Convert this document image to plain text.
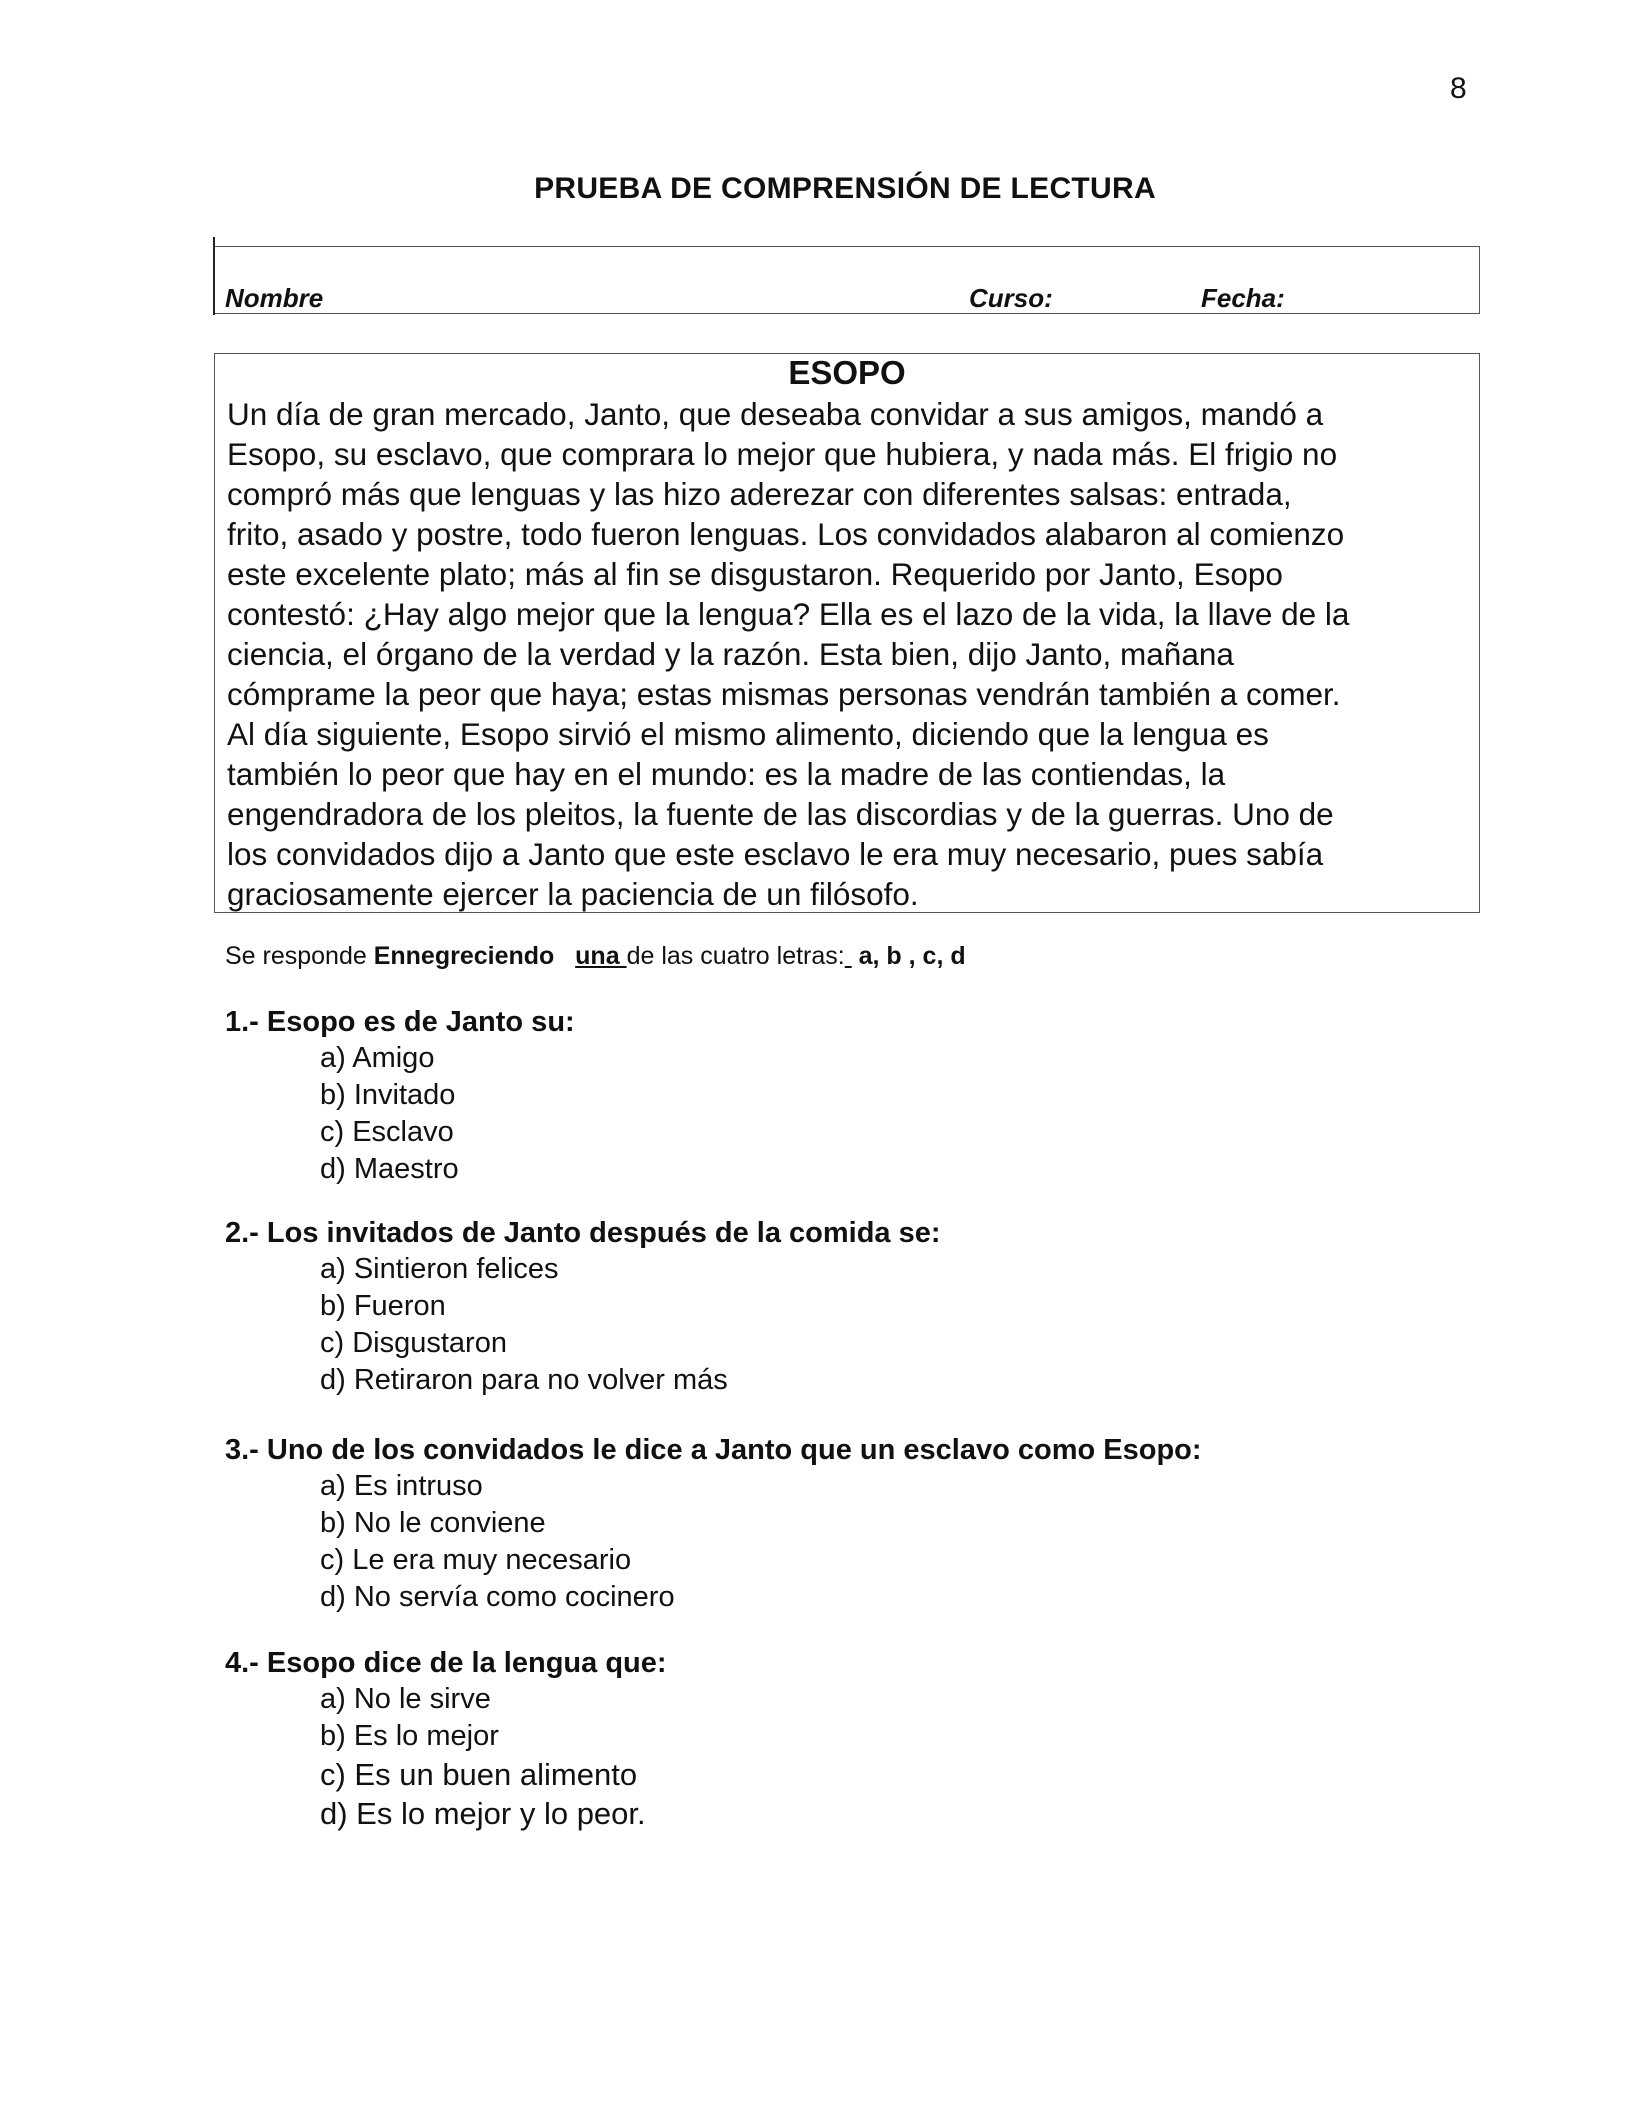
8
PRUEBA DE COMPRENSIÓN DE LECTURA
Nombre	Curso:	Fecha:
ESOPO
Un día de gran mercado, Janto, que deseaba convidar a sus amigos, mandó a
Esopo, su esclavo, que comprara lo mejor que hubiera, y nada más. El frigio no
compró más que lenguas y las hizo aderezar con diferentes salsas: entrada,
frito, asado y postre, todo fueron lenguas. Los convidados alabaron al comienzo
este excelente plato; más al fin se disgustaron. Requerido por Janto, Esopo
contestó: ¿Hay algo mejor que la lengua? Ella es el lazo de la vida, la llave de la
ciencia, el órgano de la verdad y la razón. Esta bien, dijo Janto, mañana
cómprame la peor que haya; estas mismas personas vendrán también a comer.
Al día siguiente, Esopo sirvió el mismo alimento, diciendo que la lengua es
también lo peor que hay en el mundo: es la madre de las contiendas, la
engendradora de los pleitos, la fuente de las discordias y de la guerras. Uno de
los convidados dijo a Janto que este esclavo le era muy necesario, pues sabía
graciosamente ejercer la paciencia de un filósofo.
Se responde Ennegreciendo una de las cuatro letras:  a, b , c, d
1.- Esopo es de Janto su:
a) Amigo
b) Invitado
c) Esclavo
d) Maestro
2.- Los invitados de Janto después de la comida se:
a) Sintieron felices
b) Fueron
c) Disgustaron
d) Retiraron para no volver más
3.- Uno de los convidados le dice a Janto que un esclavo como Esopo:
a) Es intruso
b) No le conviene
c) Le era muy necesario
d) No servía como cocinero
4.- Esopo dice de la lengua que:
a) No le sirve
b) Es lo mejor
c) Es un buen alimento
d) Es lo mejor y lo peor.
